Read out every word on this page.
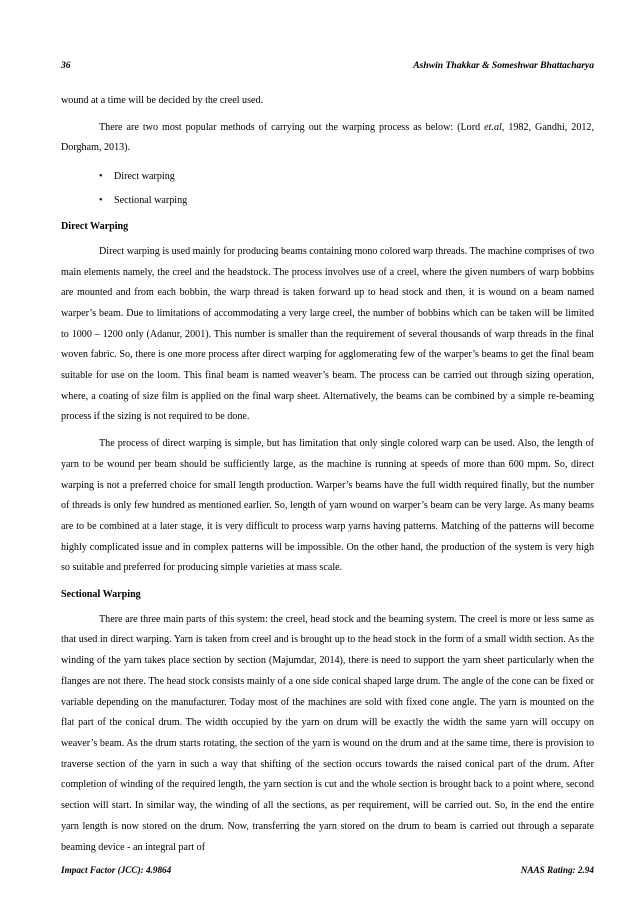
36	Ashwin Thakkar & Someshwar Bhattacharya

wound at a time will be decided by the creel used.

There are two most popular methods of carrying out the warping process as below: (Lord et.al, 1982, Gandhi, 2012, Dorgham, 2013).

• Direct warping
• Sectional warping
Direct Warping

Direct warping is used mainly for producing beams containing mono colored warp threads. The machine comprises of two main elements namely, the creel and the headstock. The process involves use of a creel, where the given numbers of warp bobbins are mounted and from each bobbin, the warp thread is taken forward up to head stock and then, it is wound on a beam named warper’s beam. Due to limitations of accommodating a very large creel, the number of bobbins which can be taken will be limited to 1000 – 1200 only (Adanur, 2001). This number is smaller than the requirement of several thousands of warp threads in the final woven fabric. So, there is one more process after direct warping for agglomerating few of the warper’s beams to get the final beam suitable for use on the loom. This final beam is named weaver’s beam. The process can be carried out through sizing operation, where, a coating of size film is applied on the final warp sheet. Alternatively, the beams can be combined by a simple re-beaming process if the sizing is not required to be done.

The process of direct warping is simple, but has limitation that only single colored warp can be used. Also, the length of yarn to be wound per beam should be sufficiently large, as the machine is running at speeds of more than 600 mpm. So, direct warping is not a preferred choice for small length production. Warper’s beams have the full width required finally, but the number of threads is only few hundred as mentioned earlier. So, length of yarn wound on warper’s beam can be very large. As many beams are to be combined at a later stage, it is very difficult to process warp yarns having patterns. Matching of the patterns will become highly complicated issue and in complex patterns will be impossible. On the other hand, the production of the system is very high so suitable and preferred for producing simple varieties at mass scale.

Sectional Warping

There are three main parts of this system: the creel, head stock and the beaming system. The creel is more or less same as that used in direct warping. Yarn is taken from creel and is brought up to the head stock in the form of a small width section. As the winding of the yarn takes place section by section (Majumdar, 2014), there is need to support the yarn sheet particularly when the flanges are not there. The head stock consists mainly of a one side conical shaped large drum. The angle of the cone can be fixed or variable depending on the manufacturer. Today most of the machines are sold with fixed cone angle. The yarn is mounted on the flat part of the conical drum. The width occupied by the yarn on drum will be exactly the width the same yarn will occupy on weaver’s beam. As the drum starts rotating, the section of the yarn is wound on the drum and at the same time, there is provision to traverse section of the yarn in such a way that shifting of the section occurs towards the raised conical part of the drum. After completion of winding of the required length, the yarn section is cut and the whole section is brought back to a point where, second section will start. In similar way, the winding of all the sections, as per requirement, will be carried out. So, in the end the entire yarn length is now stored on the drum. Now, transferring the yarn stored on the drum to beam is carried out through a separate beaming device - an integral part of

Impact Factor (JCC): 4.9864	NAAS Rating: 2.94
